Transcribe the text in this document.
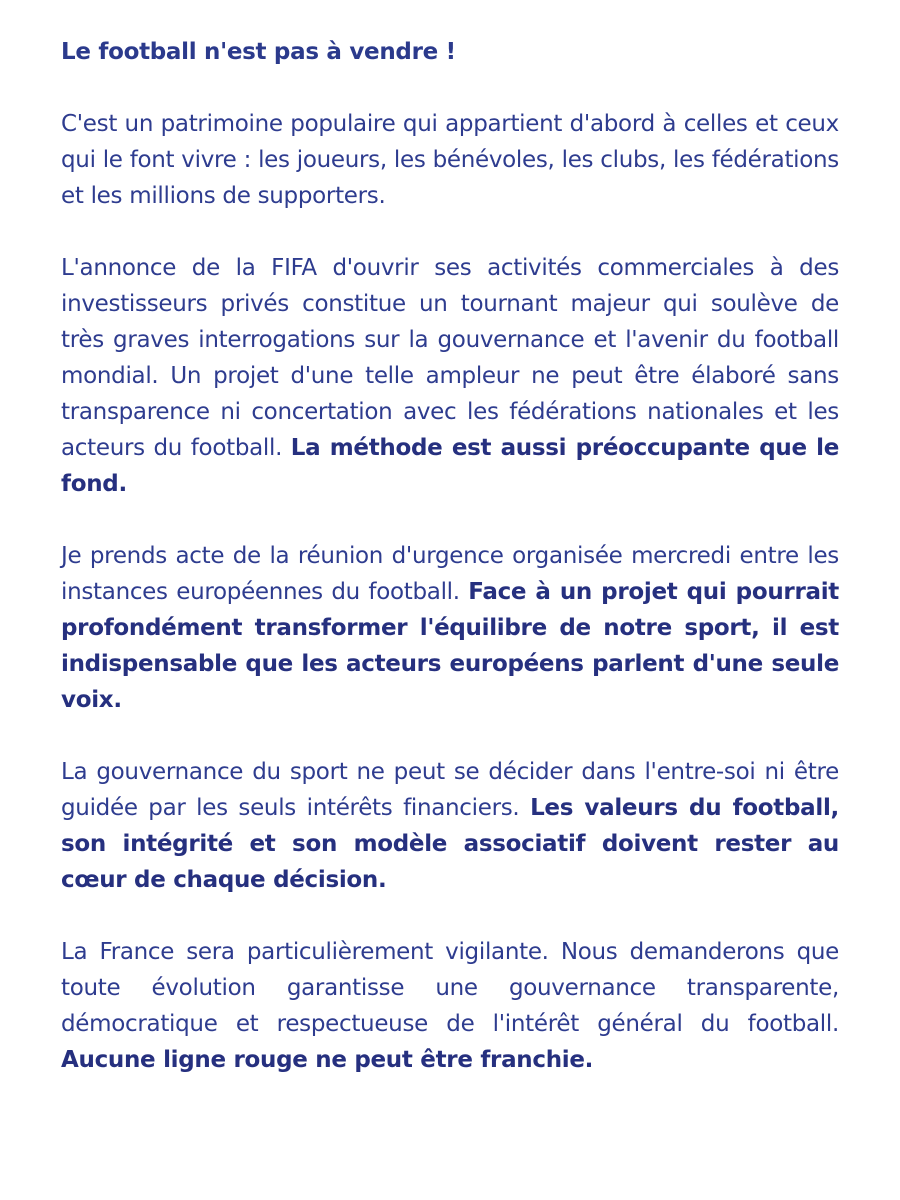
Le football n'est pas à vendre !

C'est un patrimoine populaire qui appartient d'abord à celles et ceux qui le font vivre : les joueurs, les bénévoles, les clubs, les fédérations et les millions de supporters.

L'annonce de la FIFA d'ouvrir ses activités commerciales à des investisseurs privés constitue un tournant majeur qui soulève de très graves interrogations sur la gouvernance et l'avenir du football mondial. Un projet d'une telle ampleur ne peut être élaboré sans transparence ni concertation avec les fédérations nationales et les acteurs du football. La méthode est aussi préoccupante que le fond.

Je prends acte de la réunion d'urgence organisée mercredi entre les instances européennes du football. Face à un projet qui pourrait profondément transformer l'équilibre de notre sport, il est indispensable que les acteurs européens parlent d'une seule voix.

La gouvernance du sport ne peut se décider dans l'entre-soi ni être guidée par les seuls intérêts financiers. Les valeurs du football, son intégrité et son modèle associatif doivent rester au cœur de chaque décision.

La France sera particulièrement vigilante. Nous demanderons que toute évolution garantisse une gouvernance transparente, démocratique et respectueuse de l'intérêt général du football. Aucune ligne rouge ne peut être franchie.
